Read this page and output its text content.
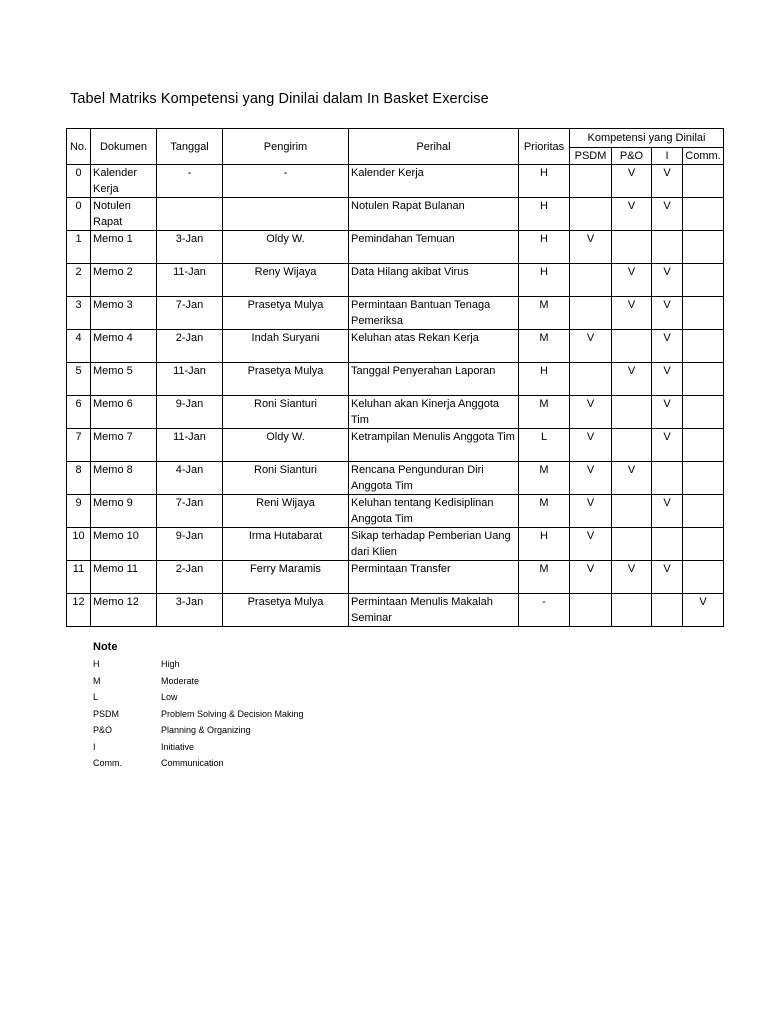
Tabel Matriks Kompetensi yang Dinilai dalam In Basket Exercise
No.	Dokumen	Tanggal	Pengirim	Perihal	Prioritas	Kompetensi yang Dinilai			
						PSDM	P&O	I	Comm.
0	Kalender Kerja	-	-	Kalender Kerja	H		V	V	
0	Notulen Rapat			Notulen Rapat Bulanan	H		V	V	
1	Memo 1	3-Jan	Oldy W.	Pemindahan Temuan	H	V			
2	Memo 2	11-Jan	Reny Wijaya	Data Hilang akibat Virus	H		V	V	
3	Memo 3	7-Jan	Prasetya Mulya	Permintaan Bantuan Tenaga Pemeriksa	M		V	V	
4	Memo 4	2-Jan	Indah Suryani	Keluhan atas Rekan Kerja	M	V		V	
5	Memo 5	11-Jan	Prasetya Mulya	Tanggal Penyerahan Laporan	H		V	V	
6	Memo 6	9-Jan	Roni Sianturi	Keluhan akan Kinerja Anggota Tim	M	V		V	
7	Memo 7	11-Jan	Oldy W.	Ketrampilan Menulis Anggota Tim	L	V		V	
8	Memo 8	4-Jan	Roni Sianturi	Rencana Pengunduran Diri Anggota Tim	M	V	V		
9	Memo 9	7-Jan	Reni Wijaya	Keluhan tentang Kedisiplinan Anggota Tim	M	V		V	
10	Memo 10	9-Jan	Irma Hutabarat	Sikap terhadap Pemberian Uang dari Klien	H	V			
11	Memo 11	2-Jan	Ferry Maramis	Permintaan Transfer	M	V	V	V	
12	Memo 12	3-Jan	Prasetya Mulya	Permintaan Menulis Makalah Seminar	-				V
Note
H	High
M	Moderate
L	Low
PSDM	Problem Solving & Decision Making
P&O	Planning & Organizing
I	Initiative
Comm.	Communication
